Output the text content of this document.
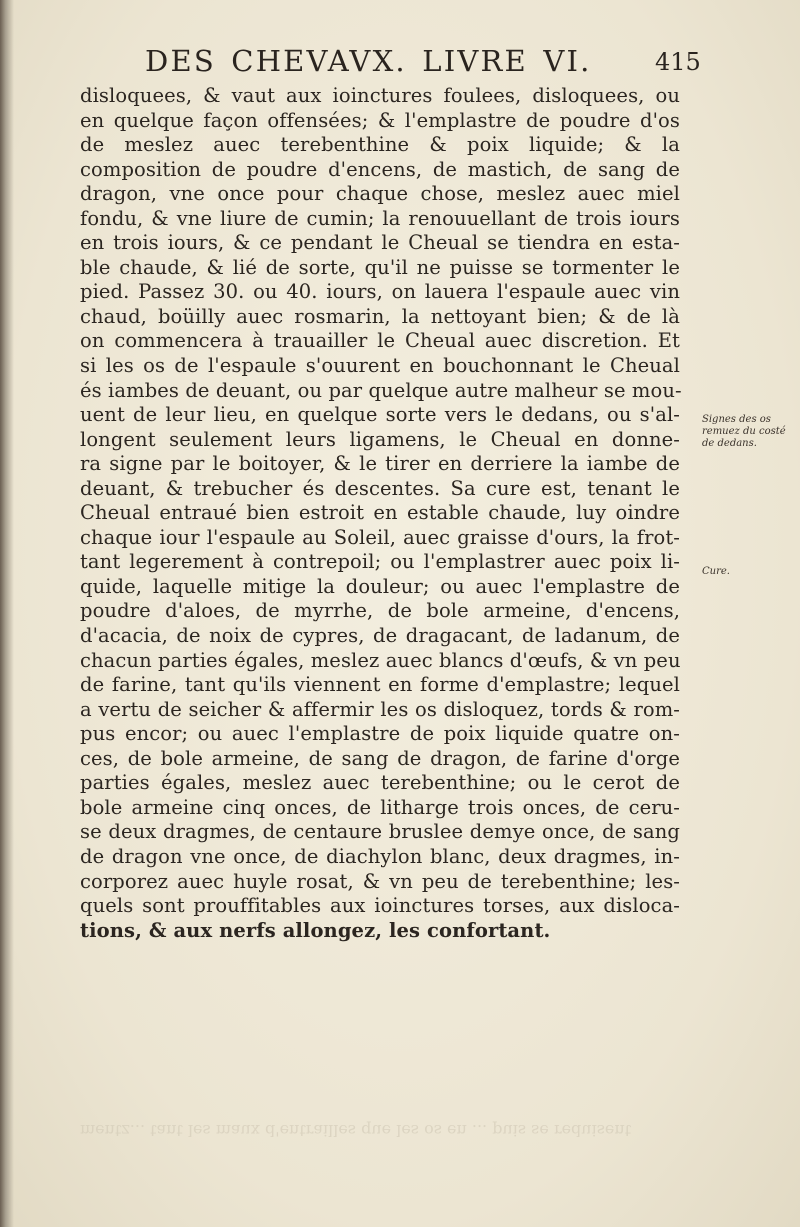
DES CHEVAVX. LIVRE VI.	415
disloquees, & vaut aux ioinctures foulees, disloquees, ou
en quelque façon offensées; & l'emplastre de poudre d'os
de meslez auec terebenthine & poix liquide; & la
composition de poudre d'encens, de mastich, de sang de
dragon, vne once pour chaque chose, meslez auec miel
fondu, & vne liure de cumin; la renouuellant de trois iours
en trois iours, & ce pendant le Cheual se tiendra en esta-
ble chaude, & lié de sorte, qu'il ne puisse se tormenter le
pied. Passez 30. ou 40. iours, on lauera l'espaule auec vin
chaud, boüilly auec rosmarin, la nettoyant bien; & de là
on commencera à trauailler le Cheual auec discretion. Et
si les os de l'espaule s'ouurent en bouchonnant le Cheual
és iambes de deuant, ou par quelque autre malheur se mou-
uent de leur lieu, en quelque sorte vers le dedans, ou s'al-
longent seulement leurs ligamens, le Cheual en donne-
ra signe par le boitoyer, & le tirer en derriere la iambe de
deuant, & trebucher és descentes. Sa cure est, tenant le
Cheual entraué bien estroit en estable chaude, luy oindre
chaque iour l'espaule au Soleil, auec graisse d'ours, la frot-
tant legerement à contrepoil; ou l'emplastrer auec poix li-
quide, laquelle mitige la douleur; ou auec l'emplastre de
poudre d'aloes, de myrrhe, de bole armeine, d'encens,
d'acacia, de noix de cypres, de dragacant, de ladanum, de
chacun parties égales, meslez auec blancs d'œufs, & vn peu
de farine, tant qu'ils viennent en forme d'emplastre; lequel
a vertu de seicher & affermir les os disloquez, tords & rom-
pus encor; ou auec l'emplastre de poix liquide quatre on-
ces, de bole armeine, de sang de dragon, de farine d'orge
parties égales, meslez auec terebenthine; ou le cerot de
bole armeine cinq onces, de litharge trois onces, de ceru-
se deux dragmes, de centaure bruslee demye once, de sang
de dragon vne once, de diachylon blanc, deux dragmes, in-
corporez auec huyle rosat, & vn peu de terebenthine; les-
quels sont prouffitables aux ioinctures torses, aux disloca-
tions, & aux nerfs allongez, les confortant.
Signes des os remuez du costé de dedans.
Cure.
mentz... tant les maux d'entrailles que les os en ... puis se reduisent
